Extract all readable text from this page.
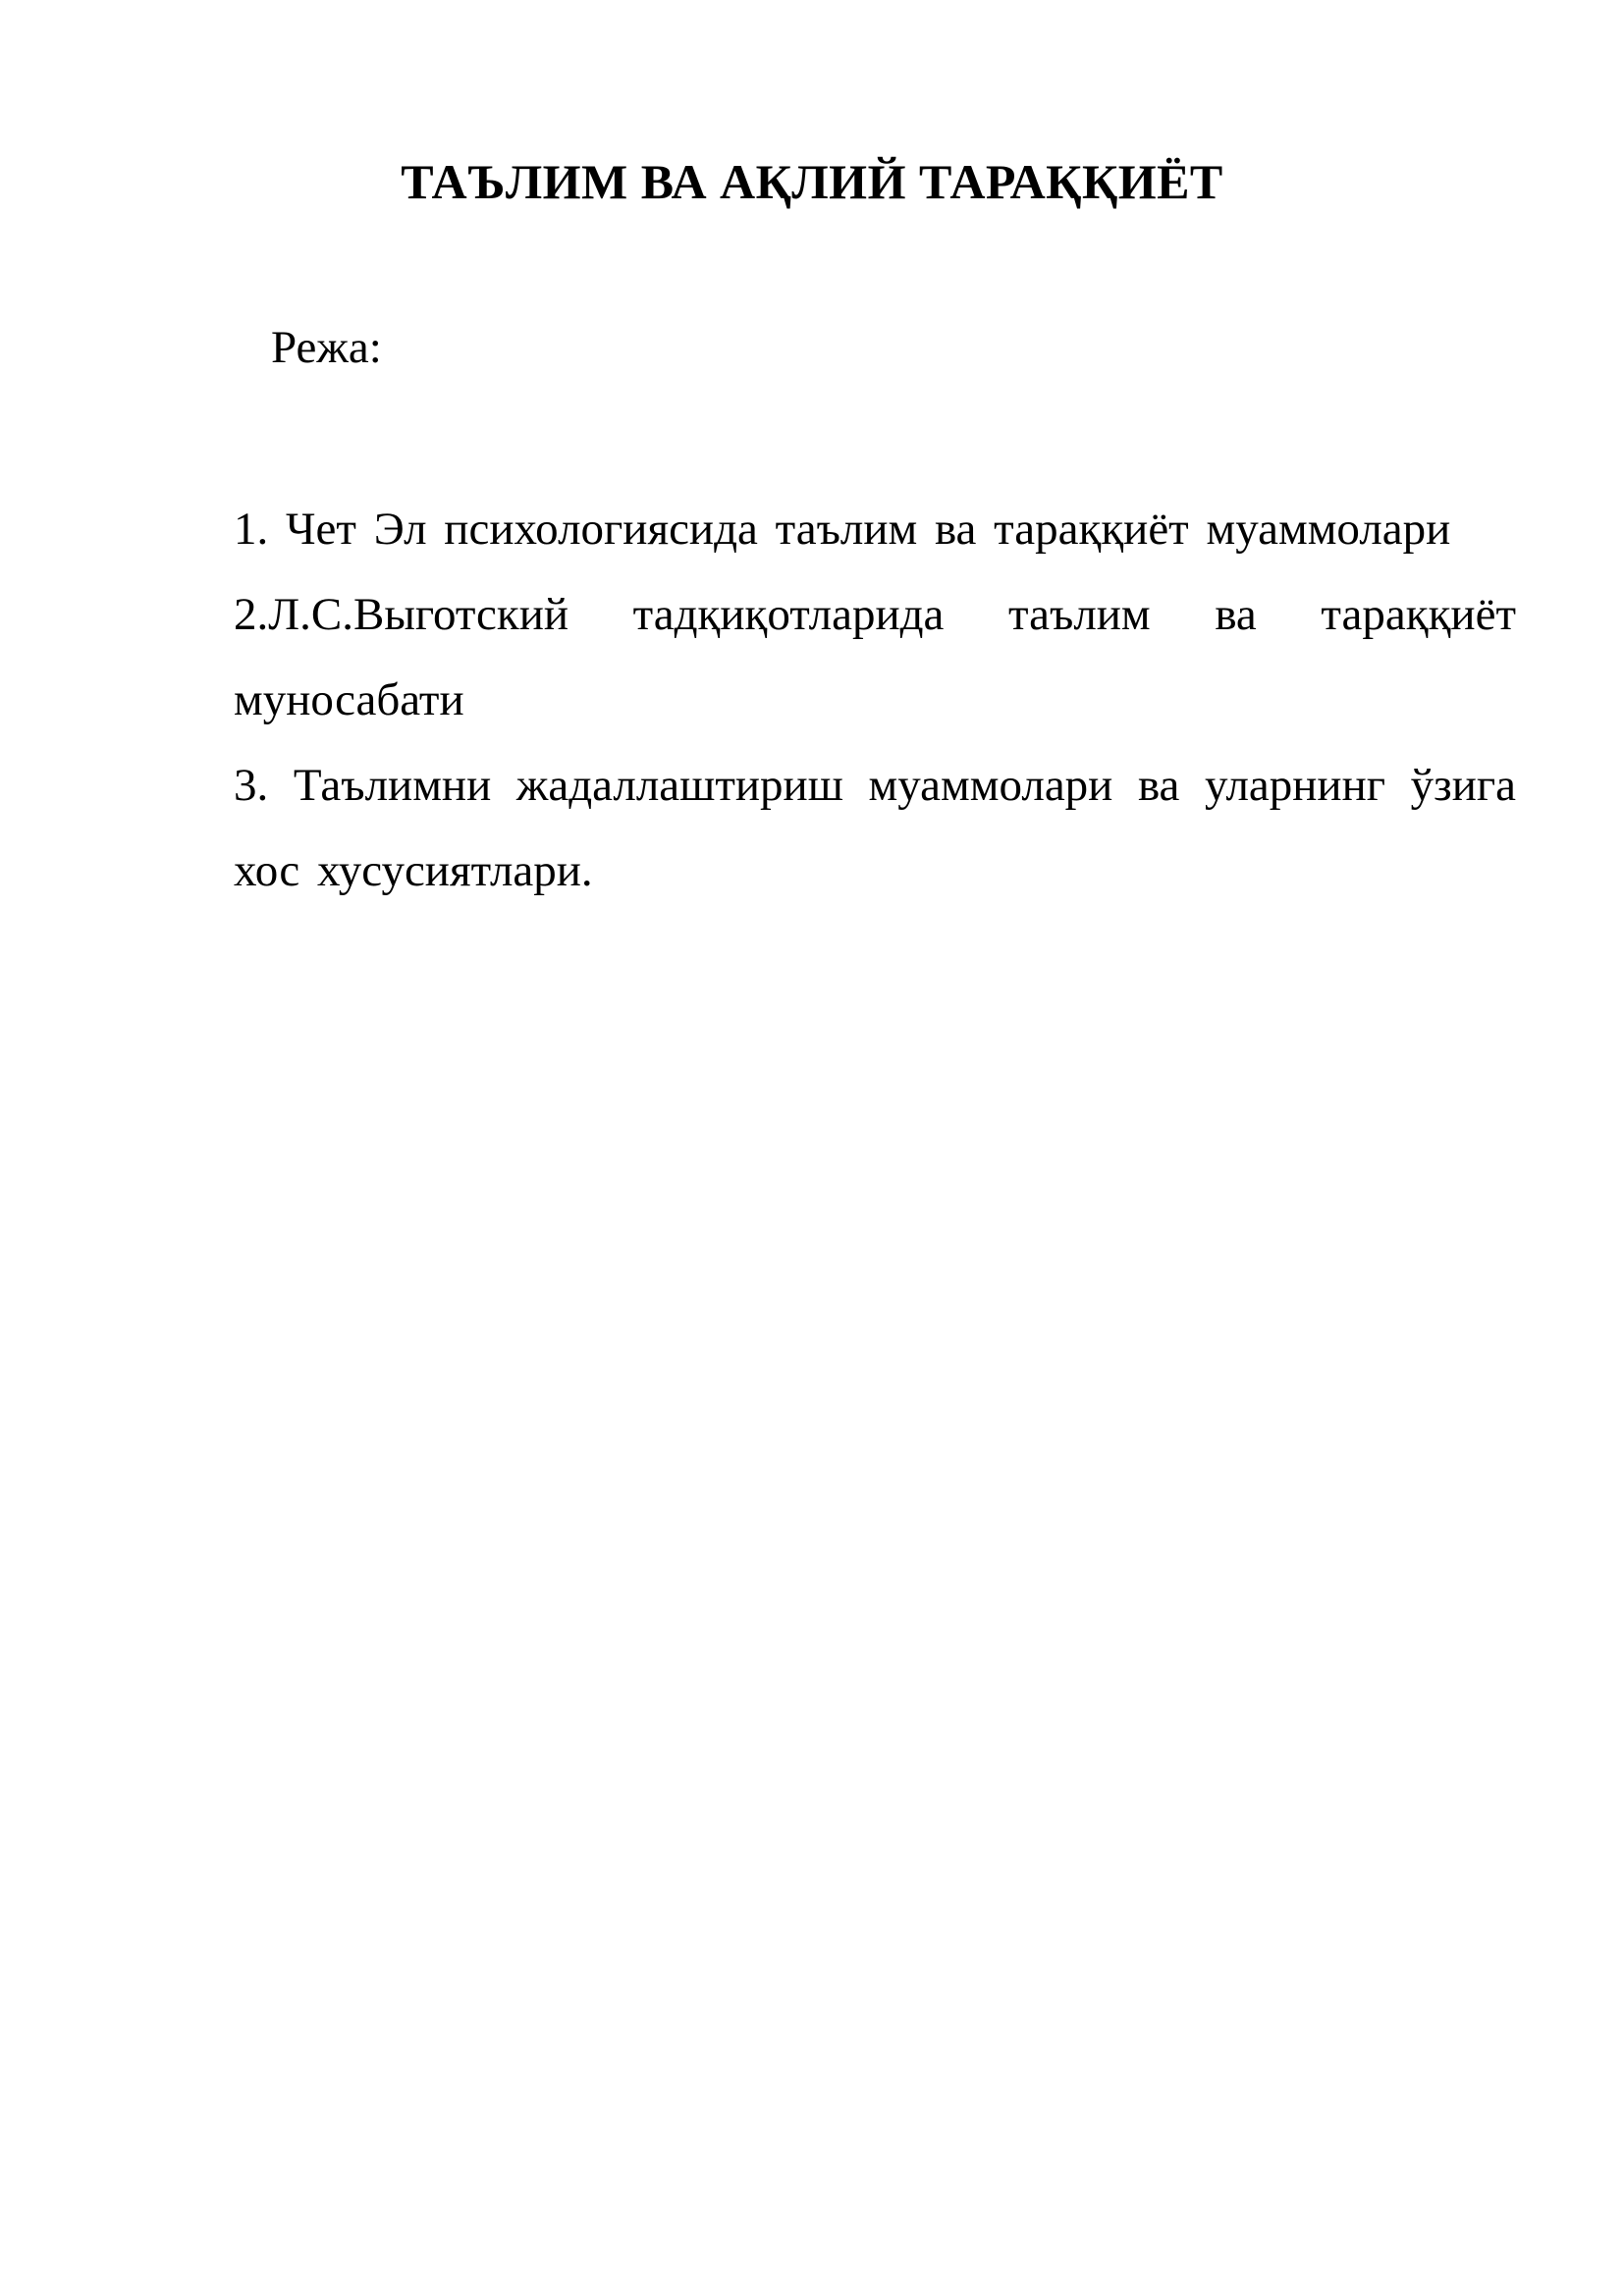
ТАЪЛИМ ВА АҚЛИЙ ТАРАҚҚИЁТ
Режа:
1. Чет Эл психологиясида таълим ва тараққиёт муаммолари
2.Л.С.Выготский тадқиқотларида таълим ва тараққиёт муносабати
3. Таълимни жадаллаштириш муаммолари ва уларнинг ўзига хос хусусиятлари.
